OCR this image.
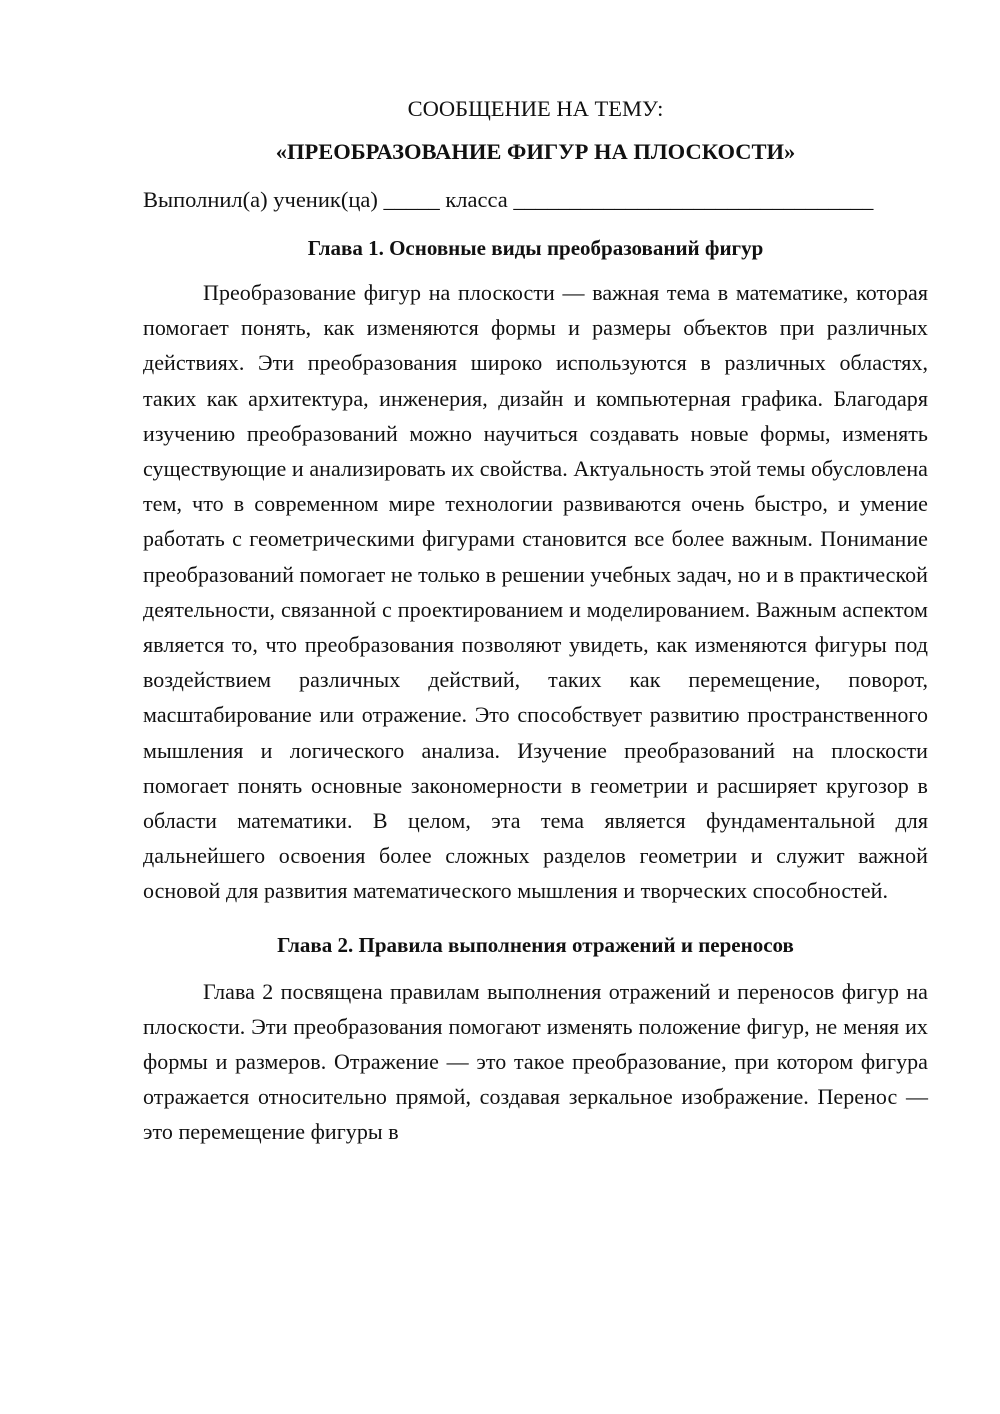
СООБЩЕНИЕ НА ТЕМУ:

«ПРЕОБРАЗОВАНИЕ ФИГУР НА ПЛОСКОСТИ»

Выполнил(а) ученик(ца) _____ класса ________________________________

Глава 1. Основные виды преобразований фигур

Преобразование фигур на плоскости — важная тема в математике, которая помогает понять, как изменяются формы и размеры объектов при различных действиях. Эти преобразования широко используются в различных областях, таких как архитектура, инженерия, дизайн и компьютерная графика. Благодаря изучению преобразований можно научиться создавать новые формы, изменять существующие и анализировать их свойства. Актуальность этой темы обусловлена тем, что в современном мире технологии развиваются очень быстро, и умение работать с геометрическими фигурами становится все более важным. Понимание преобразований помогает не только в решении учебных задач, но и в практической деятельности, связанной с проектированием и моделированием. Важным аспектом является то, что преобразования позволяют увидеть, как изменяются фигуры под воздействием различных действий, таких как перемещение, поворот, масштабирование или отражение. Это способствует развитию пространственного мышления и логического анализа. Изучение преобразований на плоскости помогает понять основные закономерности в геометрии и расширяет кругозор в области математики. В целом, эта тема является фундаментальной для дальнейшего освоения более сложных разделов геометрии и служит важной основой для развития математического мышления и творческих способностей.

Глава 2. Правила выполнения отражений и переносов

Глава 2 посвящена правилам выполнения отражений и переносов фигур на плоскости. Эти преобразования помогают изменять положение фигур, не меняя их формы и размеров. Отражение — это такое преобразование, при котором фигура отражается относительно прямой, создавая зеркальное изображение. Перенос — это перемещение фигуры в
